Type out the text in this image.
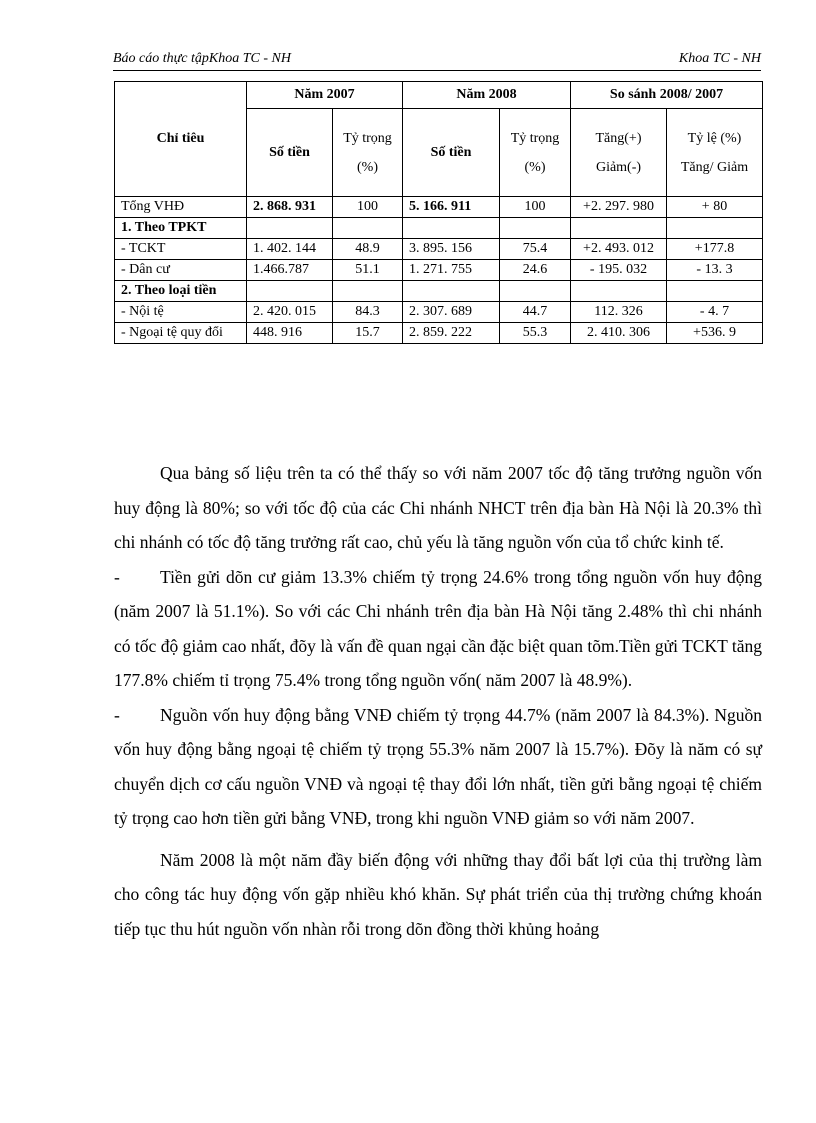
Báo cáo thực tậpKhoa TC - NH	Khoa TC - NH
Chỉ tiêu	Năm 2007		Năm 2008		So sánh 2008/ 2007	
	Số tiền	Tỷ trọng (%)	Số tiền	Tỷ trọng (%)	Tăng(+) Giảm(-)	Tỷ lệ (%) Tăng/ Giảm
Tổng VHĐ	2. 868. 931	100	5. 166. 911	100	+2. 297. 980	+ 80
1. Theo TPKT						
- TCKT	1. 402. 144	48.9	3. 895. 156	75.4	+2. 493. 012	+177.8
- Dân cư	1.466.787	51.1	1. 271. 755	24.6	- 195. 032	- 13. 3
2. Theo loại tiền						
- Nội tệ	2. 420. 015	84.3	2. 307. 689	44.7	112. 326	- 4. 7
- Ngoại tệ quy đổi	448. 916	15.7	2. 859. 222	55.3	2. 410. 306	+536. 9

Qua bảng số liệu trên ta có thể thấy so với năm 2007 tốc độ tăng trưởng nguồn vốn huy động là 80%; so với tốc độ của các Chi nhánh NHCT trên địa bàn Hà Nội là 20.3% thì chi nhánh có tốc độ tăng trưởng rất cao, chủ yếu là tăng nguồn vốn của tổ chức kinh tế.

- Tiền gửi dõn cư giảm 13.3% chiếm tỷ trọng 24.6% trong tổng nguồn vốn huy động (năm 2007 là 51.1%). So với các Chi nhánh trên địa bàn Hà Nội tăng 2.48% thì chi nhánh có tốc độ giảm cao nhất, đõy là vấn đề quan ngại cần đặc biệt quan tõm.Tiền gửi TCKT tăng 177.8% chiếm tỉ trọng 75.4% trong tổng nguồn vốn( năm 2007 là 48.9%).

- Nguồn vốn huy động bằng VNĐ chiếm tỷ trọng 44.7% (năm 2007 là 84.3%). Nguồn vốn huy động bằng ngoại tệ chiếm tỷ trọng 55.3% năm 2007 là 15.7%). Đõy là năm có sự chuyển dịch cơ cấu nguồn VNĐ và ngoại tệ thay đổi lớn nhất, tiền gửi bằng ngoại tệ chiếm tỷ trọng cao hơn tiền gửi bằng VNĐ, trong khi nguồn VNĐ giảm so với năm 2007.

Năm 2008 là một năm đầy biến động với những thay đổi bất lợi của thị trường làm cho công tác huy động vốn gặp nhiều khó khăn. Sự phát triển của thị trường chứng khoán tiếp tục thu hút nguồn vốn nhàn rỗi trong dõn đồng thời khủng hoảng
